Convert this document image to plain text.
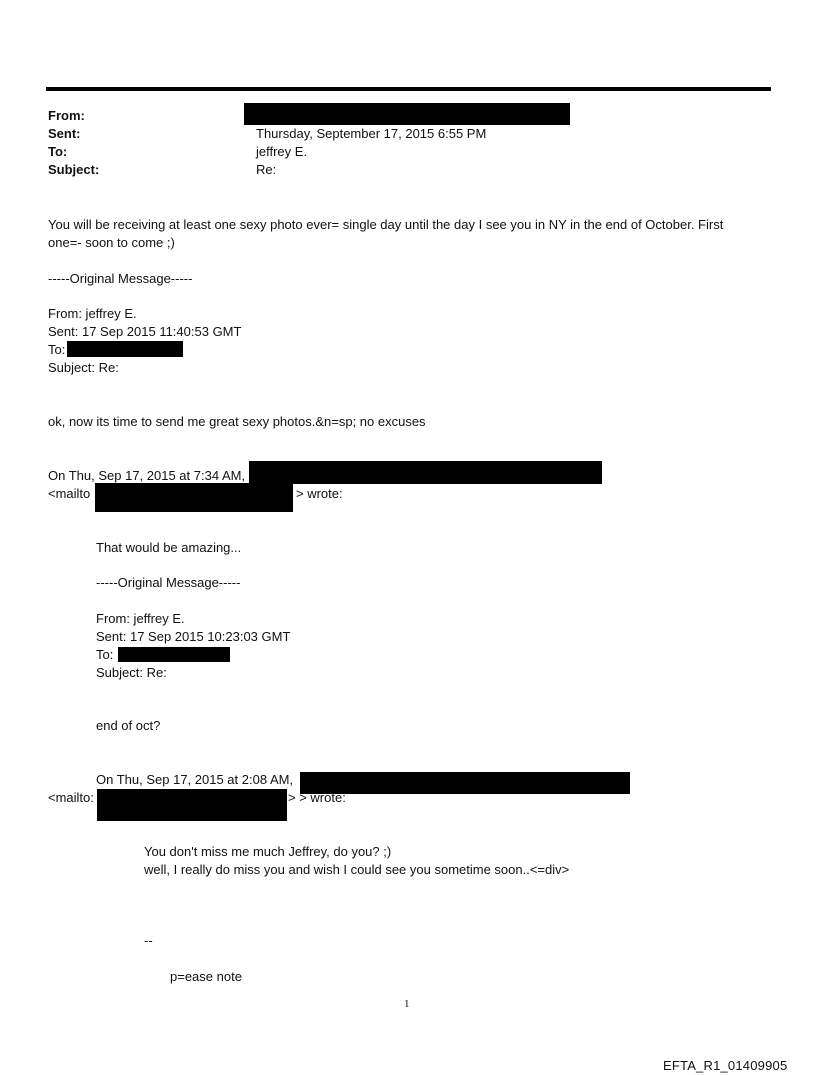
From:
Sent:	Thursday, September 17, 2015 6:55 PM
To:	jeffrey E.
Subject:	Re:
You will be receiving at least one sexy photo ever= single day until the day I see you in NY in the end of October. First
one=- soon to come ;)
-----Original Message-----
From: jeffrey E.
Sent: 17 Sep 2015 11:40:53 GMT
To:
Subject: Re:
ok, now its time to send me great sexy photos.&n=sp; no excuses
On Thu, Sep 17, 2015 at 7:34 AM,
<mailto	> wrote:
That would be amazing...
-----Original Message-----
From: jeffrey E.
Sent: 17 Sep 2015 10:23:03 GMT
To:
Subject: Re:
end of oct?
On Thu, Sep 17, 2015 at 2:08 AM,
<mailto:	> > wrote:
You don't miss me much Jeffrey, do you? ;)
well, I really do miss you and wish I could see you sometime soon..<=div>
--
p=ease note
1
EFTA_R1_01409905
